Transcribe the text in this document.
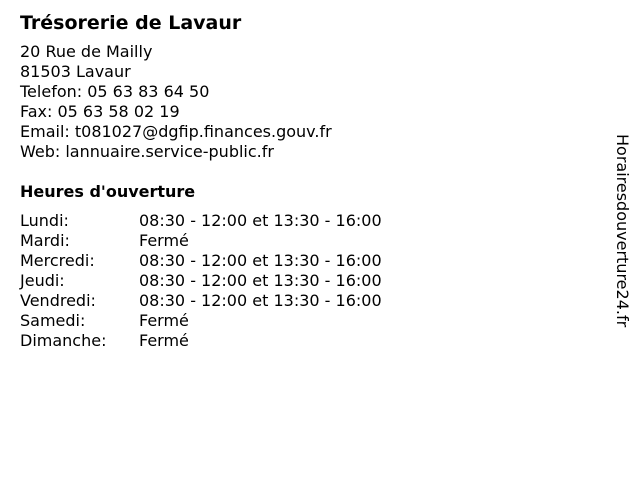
Trésorerie de Lavaur
20 Rue de Mailly
81503 Lavaur
Telefon: 05 63 83 64 50
Fax: 05 63 58 02 19
Email: t081027@dgfip.finances.gouv.fr
Web: lannuaire.service-public.fr
Heures d'ouverture
Lundi:	08:30 - 12:00 et 13:30 - 16:00
Mardi:	Fermé
Mercredi:	08:30 - 12:00 et 13:30 - 16:00
Jeudi:	08:30 - 12:00 et 13:30 - 16:00
Vendredi:	08:30 - 12:00 et 13:30 - 16:00
Samedi:	Fermé
Dimanche: Fermé
Horairesdouverture24.fr
